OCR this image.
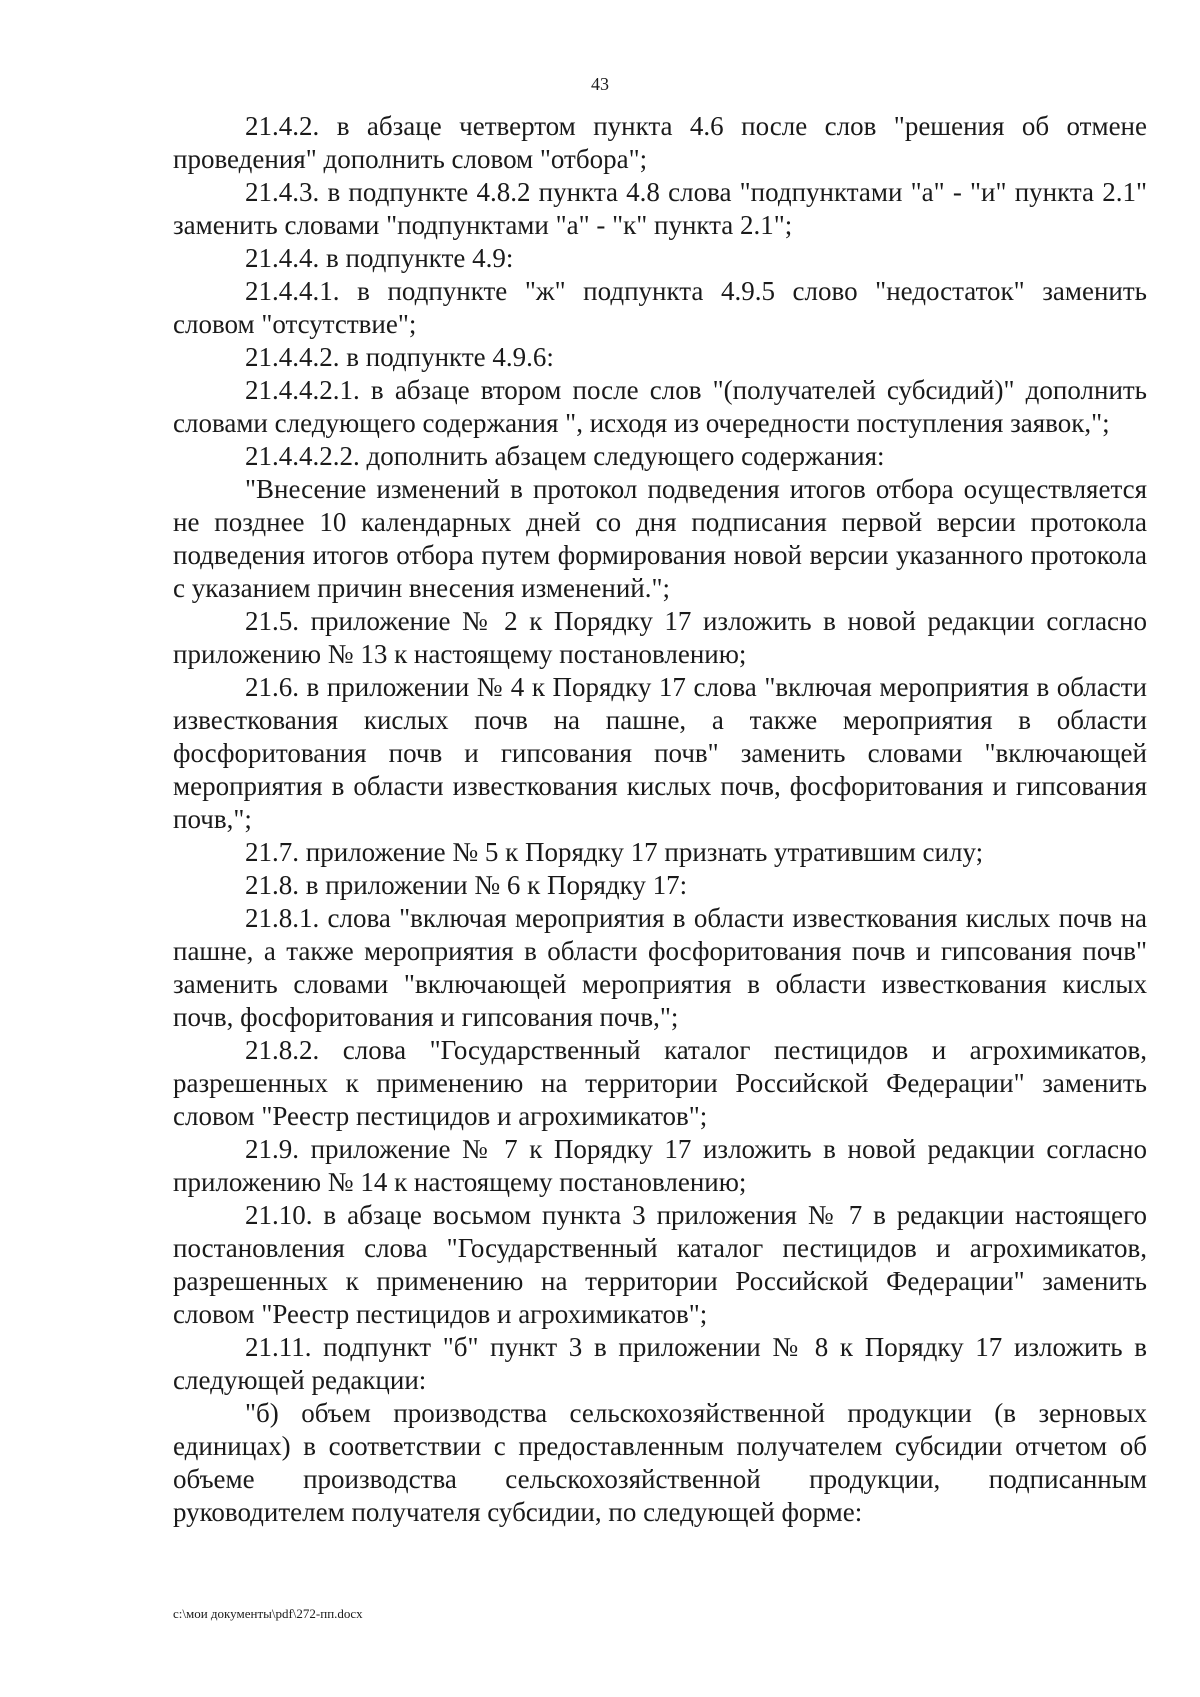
43

21.4.2. в абзаце четвертом пункта 4.6 после слов "решения об отмене проведения" дополнить словом "отбора";

21.4.3. в подпункте 4.8.2 пункта 4.8 слова "подпунктами "а" - "и" пункта 2.1" заменить словами "подпунктами "а" - "к" пункта 2.1";

21.4.4. в подпункте 4.9:

21.4.4.1. в подпункте "ж" подпункта 4.9.5 слово "недостаток" заменить словом "отсутствие";

21.4.4.2. в подпункте 4.9.6:

21.4.4.2.1. в абзаце втором после слов "(получателей субсидий)" дополнить словами следующего содержания ", исходя из очередности поступления заявок,";

21.4.4.2.2. дополнить абзацем следующего содержания:

"Внесение изменений в протокол подведения итогов отбора осуществляется не позднее 10 календарных дней со дня подписания первой версии протокола подведения итогов отбора путем формирования новой версии указанного протокола с указанием причин внесения изменений.";

21.5. приложение № 2 к Порядку 17 изложить в новой редакции согласно приложению № 13 к настоящему постановлению;

21.6. в приложении № 4 к Порядку 17 слова "включая мероприятия в области известкования кислых почв на пашне, а также мероприятия в области фосфоритования почв и гипсования почв" заменить словами "включающей мероприятия в области известкования кислых почв, фосфоритования и гипсования почв,";

21.7. приложение № 5 к Порядку 17 признать утратившим силу;

21.8. в приложении № 6 к Порядку 17:

21.8.1. слова "включая мероприятия в области известкования кислых почв на пашне, а также мероприятия в области фосфоритования почв и гипсования почв" заменить словами "включающей мероприятия в области известкования кислых почв, фосфоритования и гипсования почв,";

21.8.2. слова "Государственный каталог пестицидов и агрохимикатов, разрешенных к применению на территории Российской Федерации" заменить словом "Реестр пестицидов и агрохимикатов";

21.9. приложение № 7 к Порядку 17 изложить в новой редакции согласно приложению № 14 к настоящему постановлению;

21.10. в абзаце восьмом пункта 3 приложения № 7 в редакции настоящего постановления слова "Государственный каталог пестицидов и агрохимикатов, разрешенных к применению на территории Российской Федерации" заменить словом "Реестр пестицидов и агрохимикатов";

21.11. подпункт "б" пункт 3 в приложении № 8 к Порядку 17 изложить в следующей редакции:

"б) объем производства сельскохозяйственной продукции (в зерновых единицах) в соответствии с предоставленным получателем субсидии отчетом об объеме производства сельскохозяйственной продукции, подписанным руководителем получателя субсидии, по следующей форме:

c:\мои документы\pdf\272-пп.docx
